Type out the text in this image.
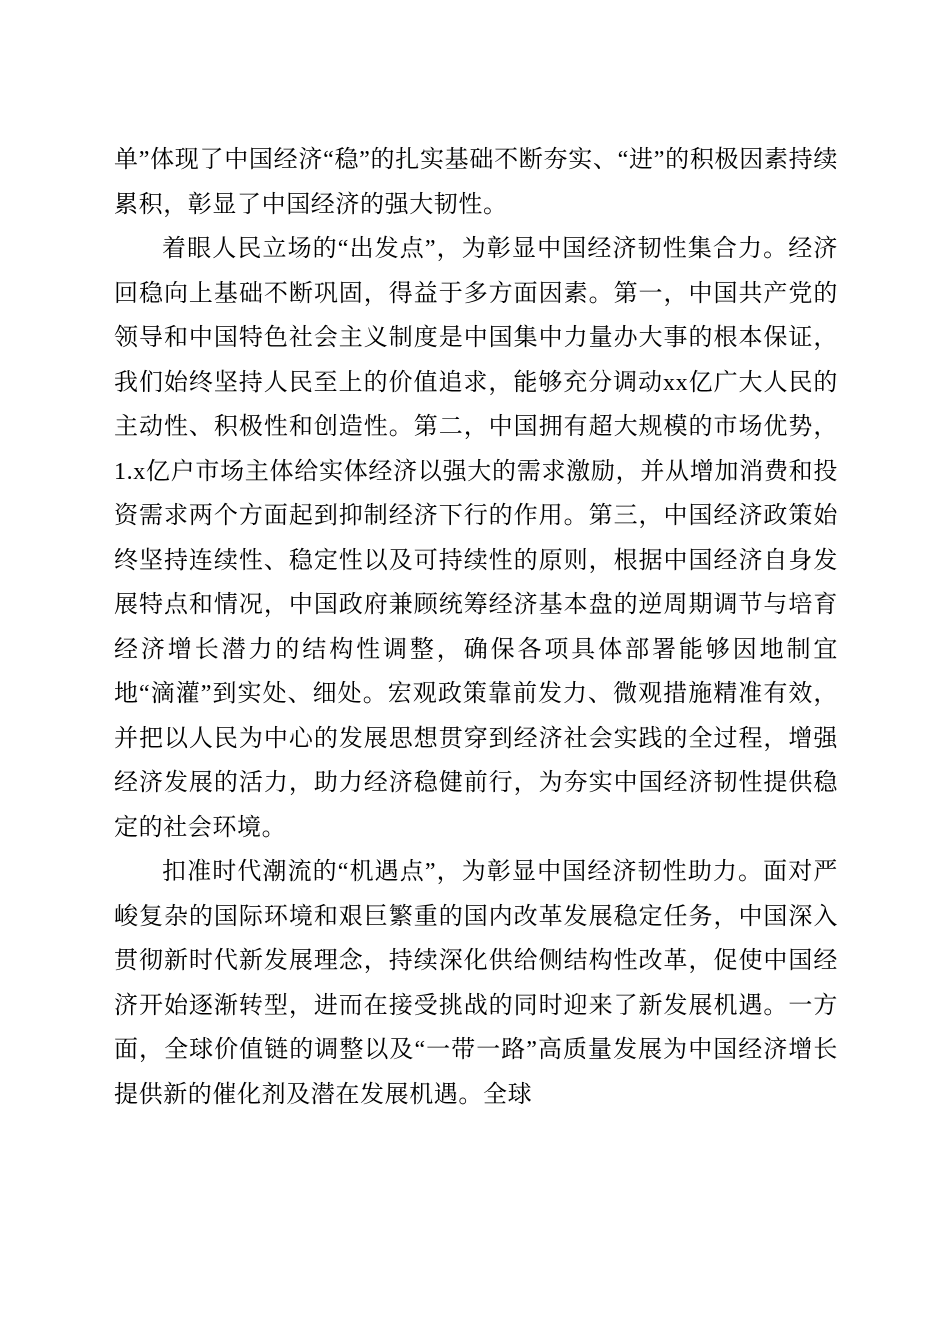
单”体现了中国经济“稳”的扎实基础不断夯实、“进”的积极因素持续累积，彰显了中国经济的强大韧性。

着眼人民立场的“出发点”，为彰显中国经济韧性集合力。经济回稳向上基础不断巩固，得益于多方面因素。第一，中国共产党的领导和中国特色社会主义制度是中国集中力量办大事的根本保证，我们始终坚持人民至上的价值追求，能够充分调动xx亿广大人民的主动性、积极性和创造性。第二，中国拥有超大规模的市场优势，1.x亿户市场主体给实体经济以强大的需求激励，并从增加消费和投资需求两个方面起到抑制经济下行的作用。第三，中国经济政策始终坚持连续性、稳定性以及可持续性的原则，根据中国经济自身发展特点和情况，中国政府兼顾统筹经济基本盘的逆周期调节与培育经济增长潜力的结构性调整，确保各项具体部署能够因地制宜地“滴灌”到实处、细处。宏观政策靠前发力、微观措施精准有效，并把以人民为中心的发展思想贯穿到经济社会实践的全过程，增强经济发展的活力，助力经济稳健前行，为夯实中国经济韧性提供稳定的社会环境。

扣准时代潮流的“机遇点”，为彰显中国经济韧性助力。面对严峻复杂的国际环境和艰巨繁重的国内改革发展稳定任务，中国深入贯彻新时代新发展理念，持续深化供给侧结构性改革，促使中国经济开始逐渐转型，进而在接受挑战的同时迎来了新发展机遇。一方面，全球价值链的调整以及“一带一路”高质量发展为中国经济增长提供新的催化剂及潜在发展机遇。全球
